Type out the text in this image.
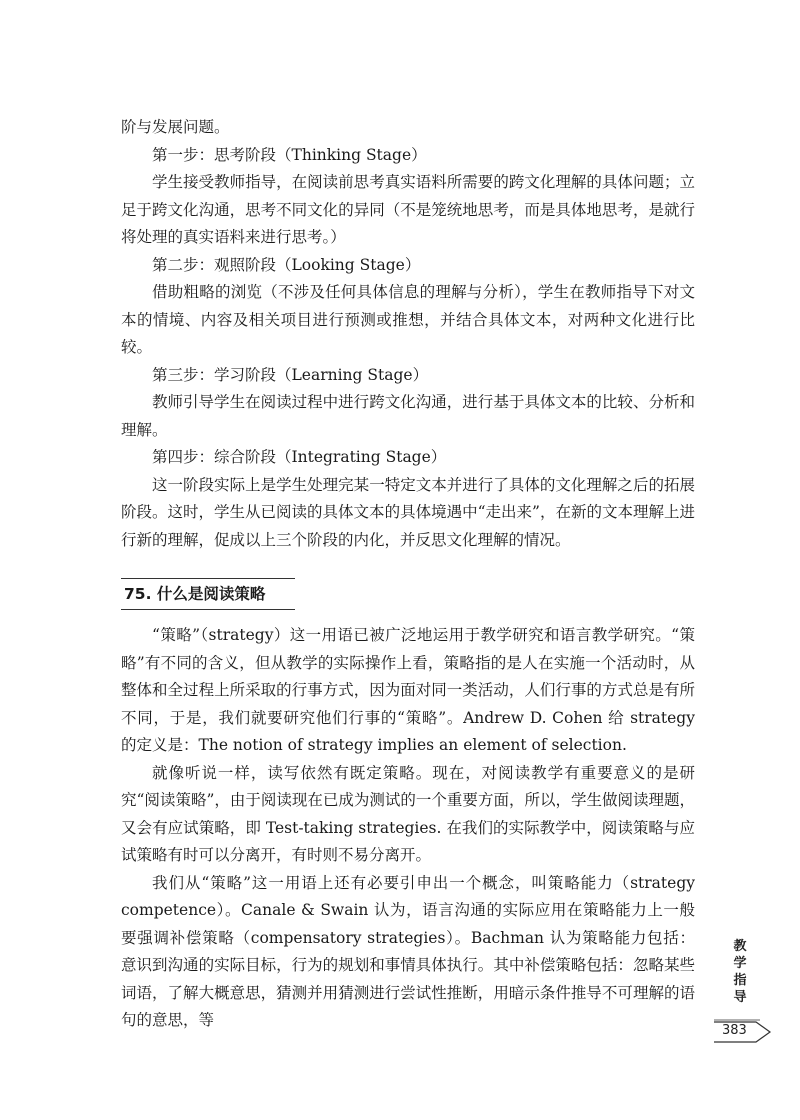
阶与发展问题。

第一步：思考阶段（Thinking Stage）

学生接受教师指导，在阅读前思考真实语料所需要的跨文化理解的具体问题；立足于跨文化沟通，思考不同文化的异同（不是笼统地思考，而是具体地思考，是就行将处理的真实语料来进行思考。）

第二步：观照阶段（Looking Stage）

借助粗略的浏览（不涉及任何具体信息的理解与分析），学生在教师指导下对文本的情境、内容及相关项目进行预测或推想，并结合具体文本，对两种文化进行比较。

第三步：学习阶段（Learning Stage）

教师引导学生在阅读过程中进行跨文化沟通，进行基于具体文本的比较、分析和理解。

第四步：综合阶段（Integrating Stage）

这一阶段实际上是学生处理完某一特定文本并进行了具体的文化理解之后的拓展阶段。这时，学生从已阅读的具体文本的具体境遇中“走出来”，在新的文本理解上进行新的理解，促成以上三个阶段的内化，并反思文化理解的情况。

75. 什么是阅读策略

“策略”（strategy）这一用语已被广泛地运用于教学研究和语言教学研究。“策略”有不同的含义，但从教学的实际操作上看，策略指的是人在实施一个活动时，从整体和全过程上所采取的行事方式，因为面对同一类活动，人们行事的方式总是有所不同，于是，我们就要研究他们行事的“策略”。Andrew D. Cohen 给 strategy 的定义是：The notion of strategy implies an element of selection.

就像听说一样，读写依然有既定策略。现在，对阅读教学有重要意义的是研究“阅读策略”，由于阅读现在已成为测试的一个重要方面，所以，学生做阅读理题，又会有应试策略，即 Test-taking strategies. 在我们的实际教学中，阅读策略与应试策略有时可以分离开，有时则不易分离开。

我们从“策略”这一用语上还有必要引申出一个概念，叫策略能力（strategy competence）。Canale & Swain 认为，语言沟通的实际应用在策略能力上一般要强调补偿策略（compensatory strategies）。Bachman 认为策略能力包括：意识到沟通的实际目标，行为的规划和事情具体执行。其中补偿策略包括：忽略某些词语，了解大概意思，猜测并用猜测进行尝试性推断，用暗示条件推导不可理解的语句的意思，等

教
学
指
导
383
